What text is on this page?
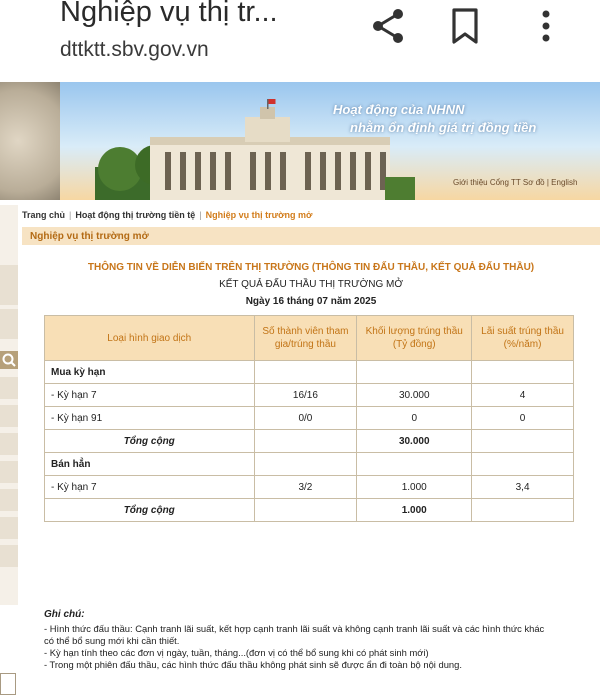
Nghiệp vụ thị tr...
dttktt.sbv.gov.vn
Hoạt động của NHNN
nhằm ổn định giá trị đồng tiền
Giới thiệu Cổng TT Sơ đồ | English
Trang chủ | Hoạt động thị trường tiền tệ | Nghiệp vụ thị trường mở
Nghiệp vụ thị trường mở
THÔNG TIN VỀ DIỄN BIẾN TRÊN THỊ TRƯỜNG (THÔNG TIN ĐẤU THẦU, KẾT QUẢ ĐẤU THẦU)
KẾT QUẢ ĐẤU THẦU THỊ TRƯỜNG MỞ
Ngày 16 tháng 07 năm 2025
Loại hình giao dịch	Số thành viên tham gia/trúng thầu	Khối lượng trúng thầu (Tỷ đồng)	Lãi suất trúng thầu (%/năm)
Mua kỳ hạn			
- Kỳ hạn 7	16/16	30.000	4
- Kỳ hạn 91	0/0	0	0
Tổng cộng		30.000	
Bán hẳn			
- Kỳ hạn 7	3/2	1.000	3,4
Tổng cộng		1.000	
Ghi chú:
- Hình thức đấu thầu: Cạnh tranh lãi suất, kết hợp cạnh tranh lãi suất và không cạnh tranh lãi suất và các hình thức khác
có thể bổ sung mới khi cần thiết.
- Kỳ hạn tính theo các đơn vị ngày, tuần, tháng...(đơn vị có thể bổ sung khi có phát sinh mới)
- Trong một phiên đấu thầu, các hình thức đấu thầu không phát sinh sẽ được ẩn đi toàn bộ nội dung.
